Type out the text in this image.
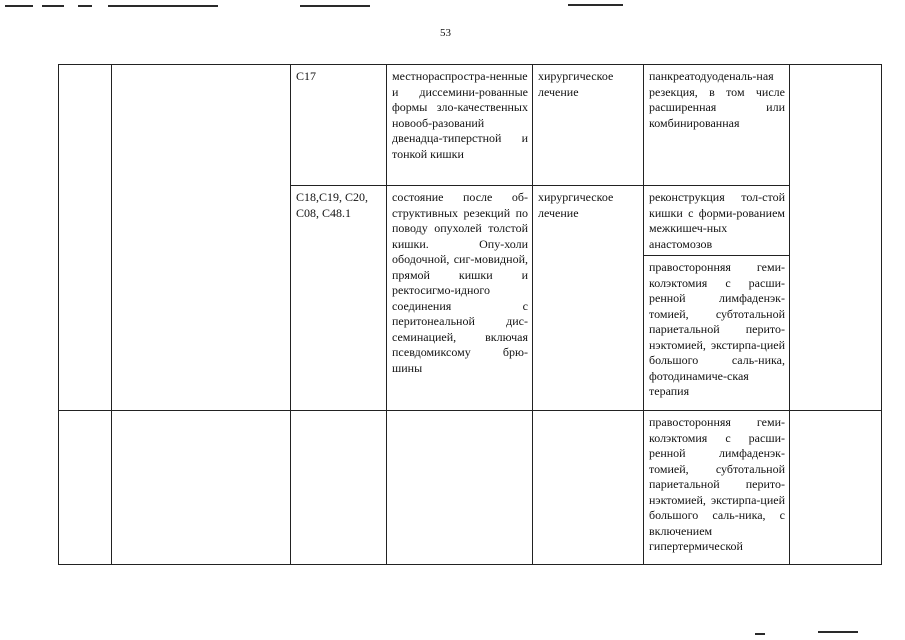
53
		C17	местнораспростра-ненные и диссемини-рованные формы зло-качественных новооб-разований двенадца-типерстной и тонкой кишки	хирургическое лечение	панкреатодуоденаль-ная резекция, в том числе расширенная или комбинированная	
		C18,C19, C20, C08, C48.1	состояние после об-структивных резекций по поводу опухолей толстой кишки. Опу-холи ободочной, сиг-мовидной, прямой кишки и ректосигмо-идного соединения с перитонеальной дис-семинацией, включая псевдомиксому брю-шины	хирургическое лечение	реконструкция тол-стой кишки с форми-рованием межкишеч-ных анастомозов	
					правосторонняя геми-колэктомия с расши-ренной лимфаденэк-томией, субтотальной париетальной перито-нэктомией, экстирпа-цией большого саль-ника, фотодинамиче-ская терапия	
					правосторонняя геми-колэктомия с расши-ренной лимфаденэк-томией, субтотальной париетальной перито-нэктомией, экстирпа-цией большого саль-ника, с включением гипертермической	
